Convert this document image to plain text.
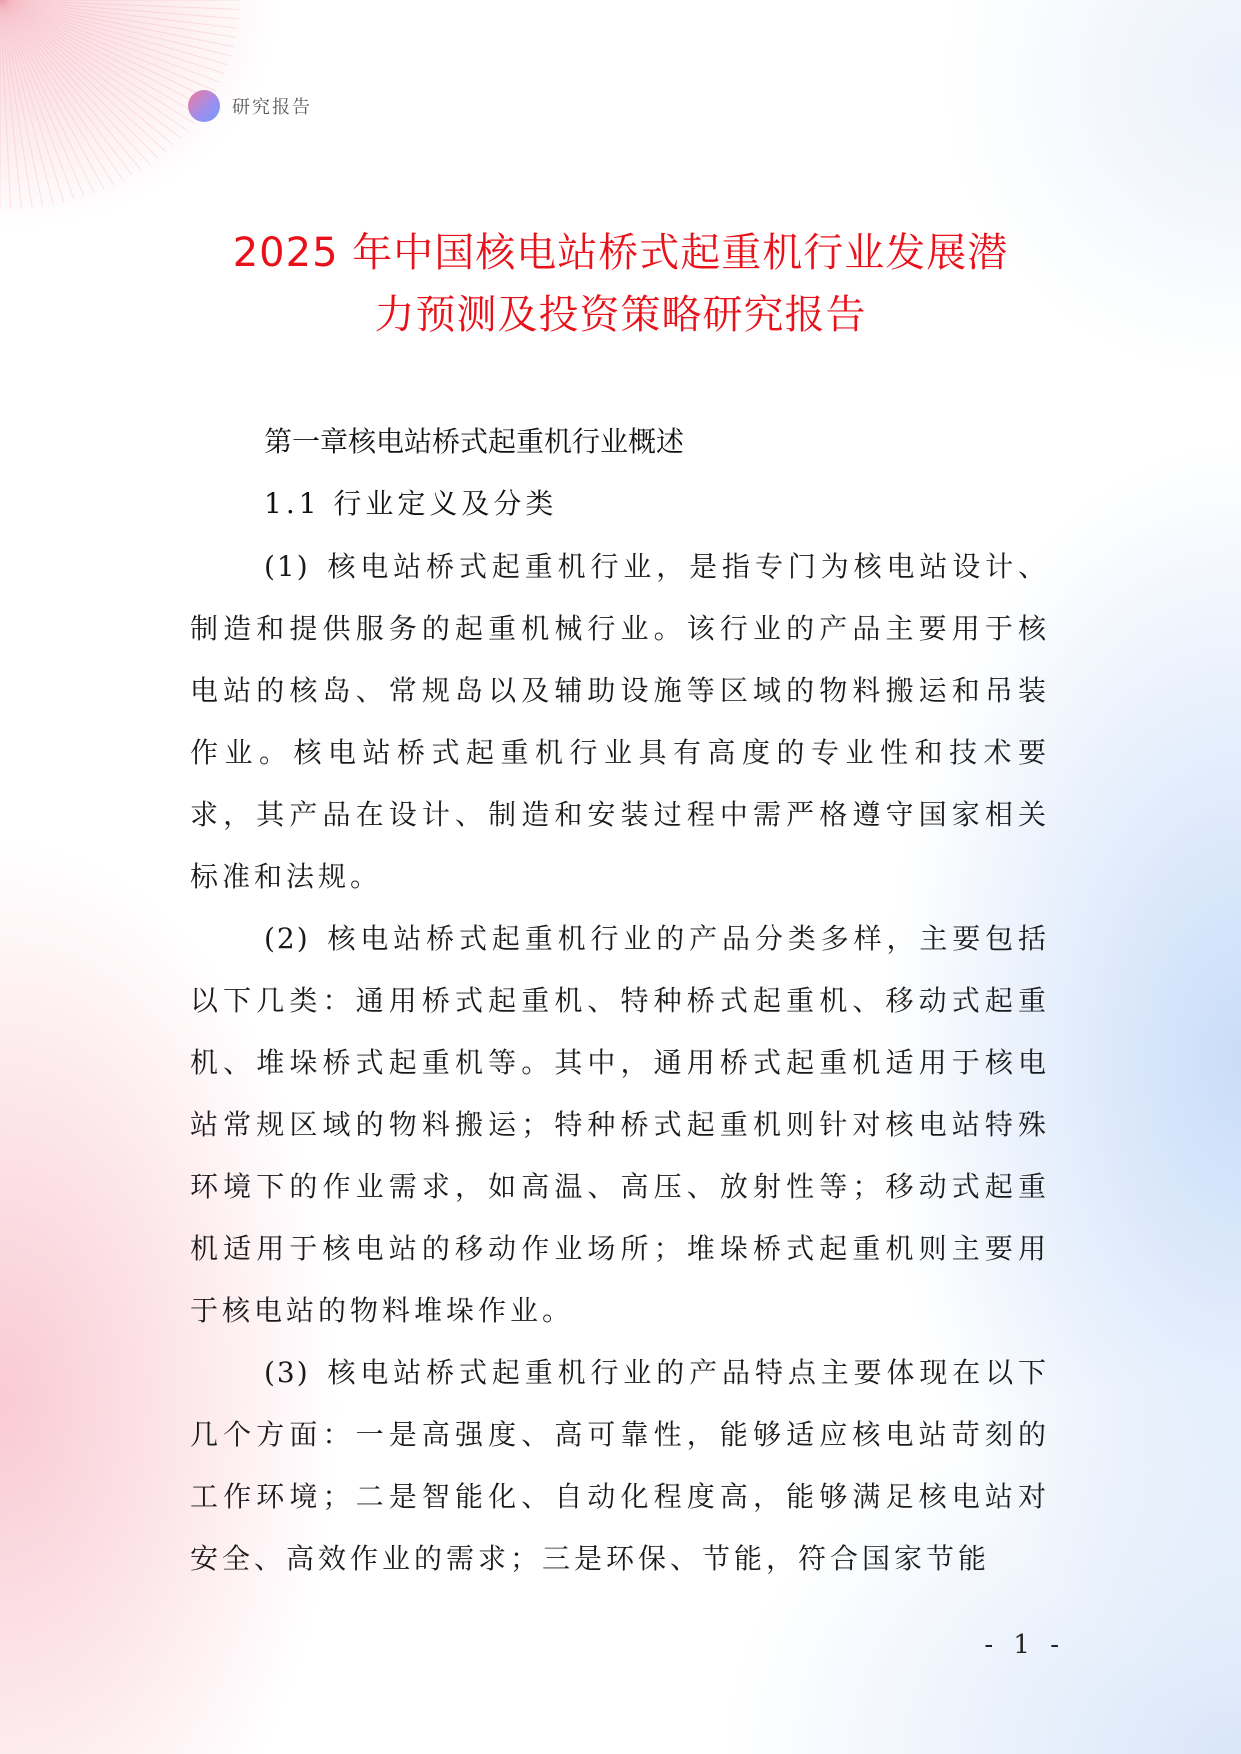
研究报告
2025 年中国核电站桥式起重机行业发展潜
力预测及投资策略研究报告
第一章核电站桥式起重机行业概述
1.1 行业定义及分类

(1) 核电站桥式起重机行业，是指专门为核电站设计、制造和提供服务的起重机械行业。该行业的产品主要用于核电站的核岛、常规岛以及辅助设施等区域的物料搬运和吊装作业。核电站桥式起重机行业具有高度的专业性和技术要求，其产品在设计、制造和安装过程中需严格遵守国家相关标准和法规。

(2) 核电站桥式起重机行业的产品分类多样，主要包括以下几类：通用桥式起重机、特种桥式起重机、移动式起重机、堆垛桥式起重机等。其中，通用桥式起重机适用于核电站常规区域的物料搬运；特种桥式起重机则针对核电站特殊环境下的作业需求，如高温、高压、放射性等；移动式起重机适用于核电站的移动作业场所；堆垛桥式起重机则主要用于核电站的物料堆垛作业。

(3) 核电站桥式起重机行业的产品特点主要体现在以下几个方面：一是高强度、高可靠性，能够适应核电站苛刻的工作环境；二是智能化、自动化程度高，能够满足核电站对安全、高效作业的需求；三是环保、节能，符合国家节能

- 1 -
